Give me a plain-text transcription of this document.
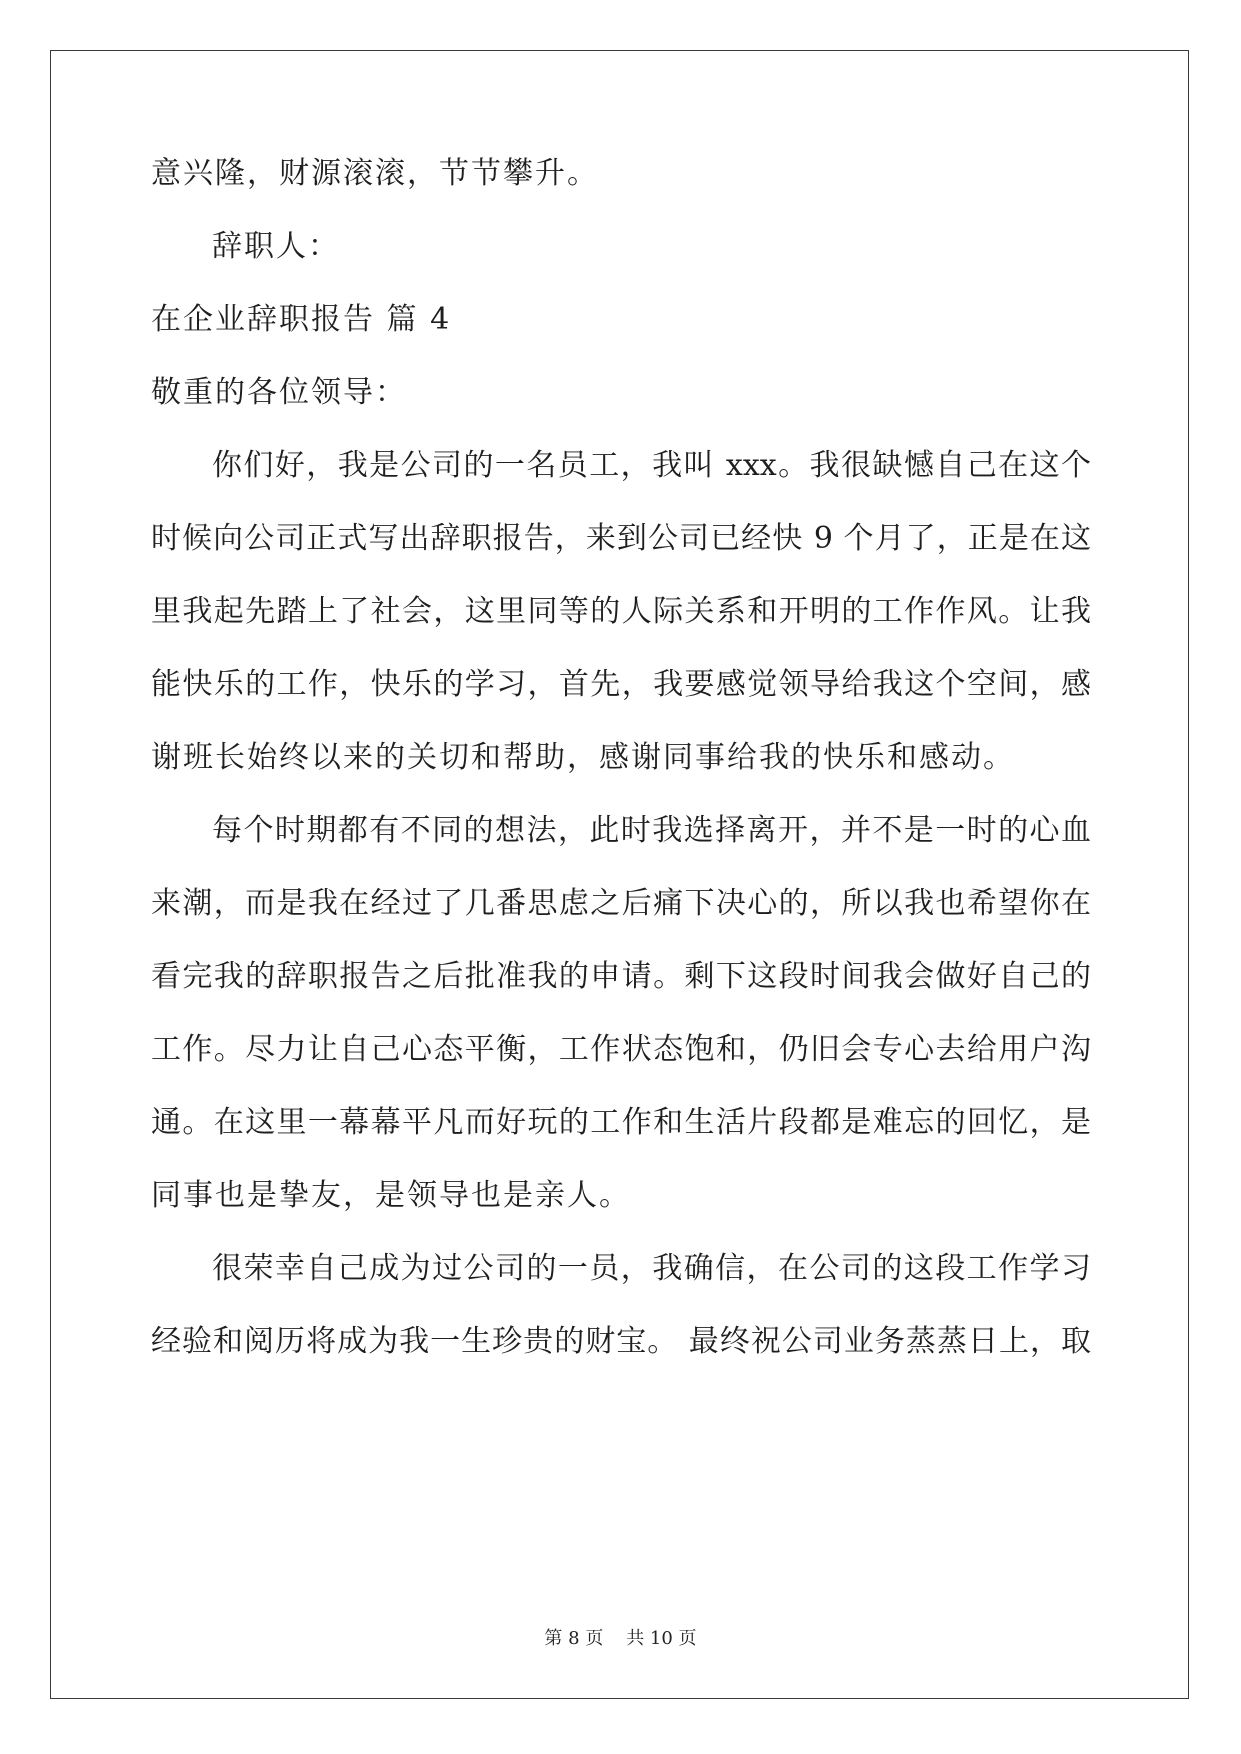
意兴隆，财源滚滚，节节攀升。
辞职人：
在企业辞职报告 篇 4
敬重的各位领导：
你们好，我是公司的一名员工，我叫 xxx。我很缺憾自己在这个
时候向公司正式写出辞职报告，来到公司已经快 9 个月了，正是在这
里我起先踏上了社会，这里同等的人际关系和开明的工作作风。让我
能快乐的工作，快乐的学习，首先，我要感觉领导给我这个空间，感
谢班长始终以来的关切和帮助，感谢同事给我的快乐和感动。
每个时期都有不同的想法，此时我选择离开，并不是一时的心血
来潮，而是我在经过了几番思虑之后痛下决心的，所以我也希望你在
看完我的辞职报告之后批准我的申请。剩下这段时间我会做好自己的
工作。尽力让自己心态平衡，工作状态饱和，仍旧会专心去给用户沟
通。在这里一幕幕平凡而好玩的工作和生活片段都是难忘的回忆，是
同事也是挚友，是领导也是亲人。
很荣幸自己成为过公司的一员，我确信，在公司的这段工作学习
经验和阅历将成为我一生珍贵的财宝。 最终祝公司业务蒸蒸日上，取
第 8 页    共 10 页
